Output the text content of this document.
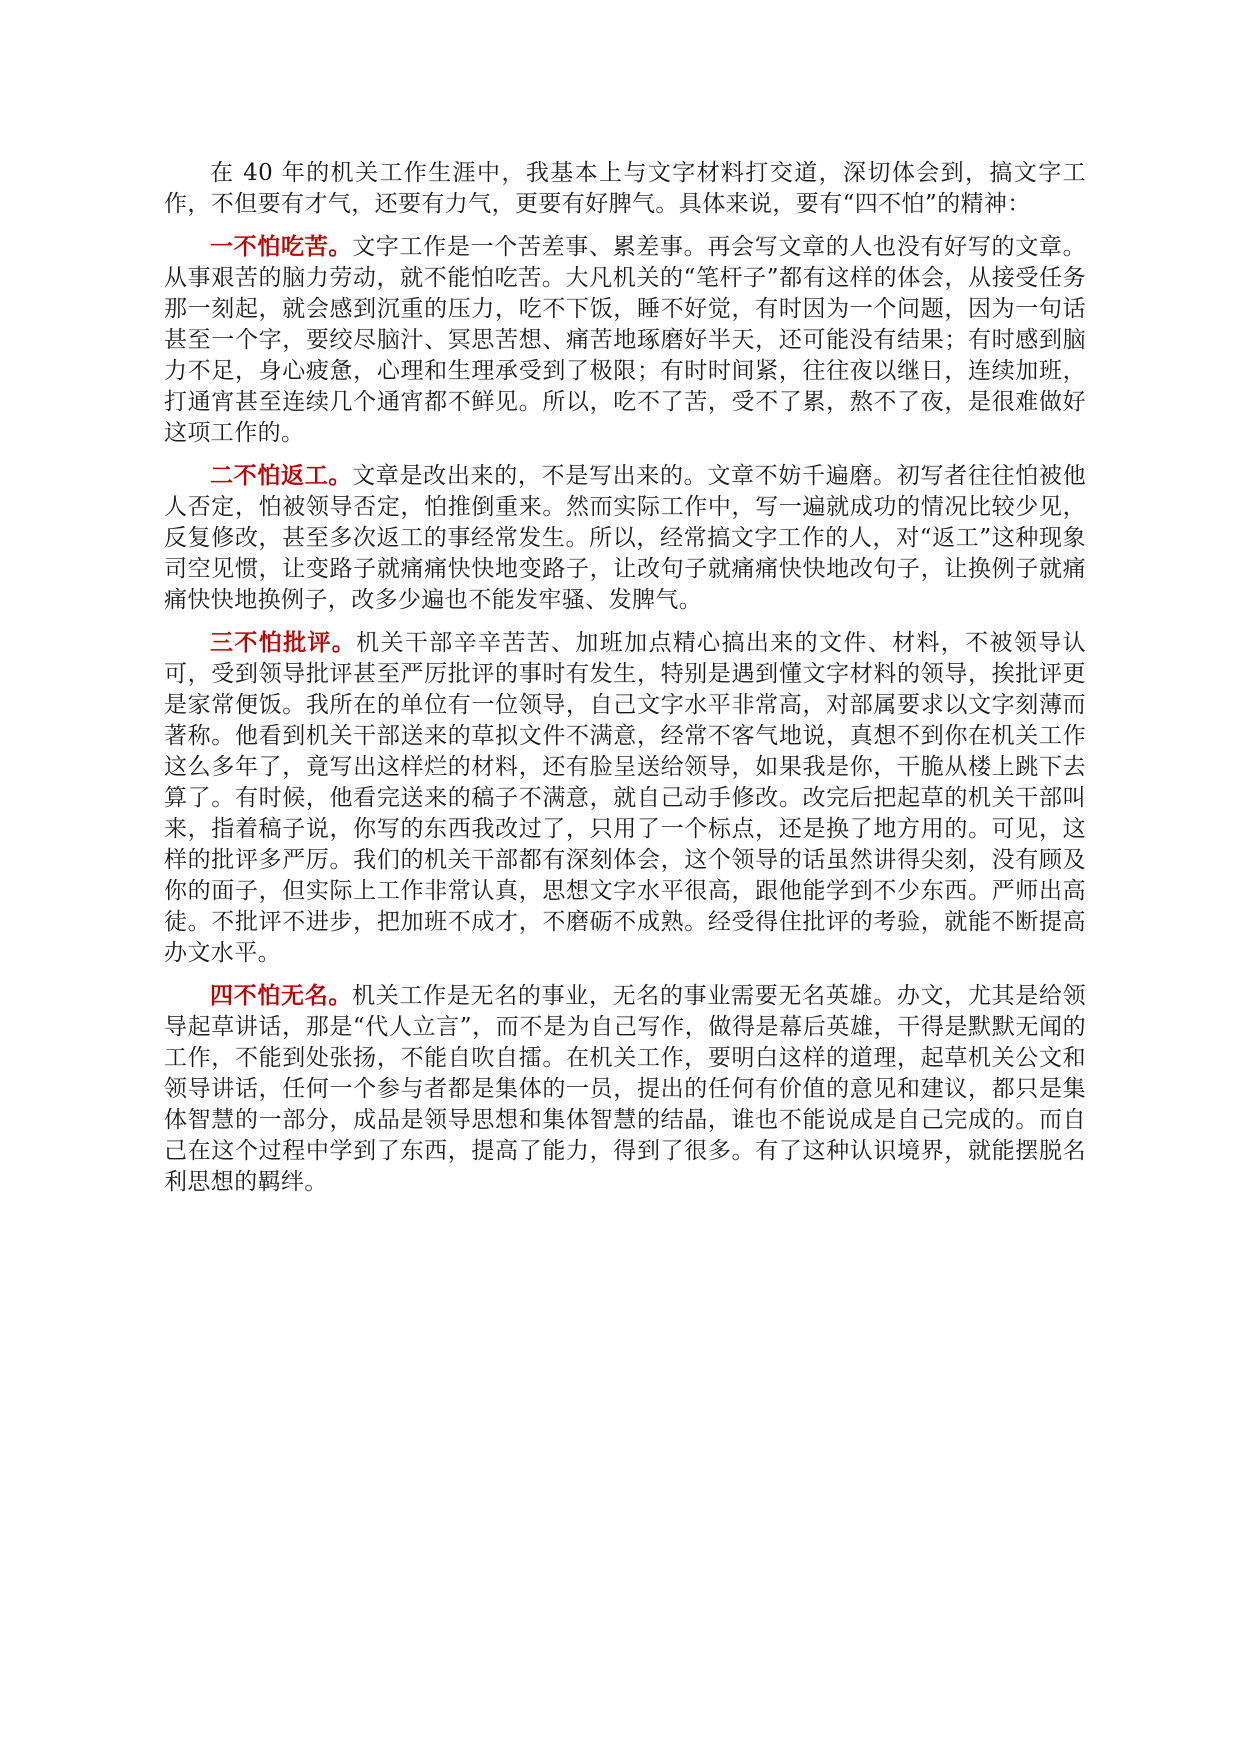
在 40 年的机关工作生涯中，我基本上与文字材料打交道，深切体会到，搞文字工作，不但要有才气，还要有力气，更要有好脾气。具体来说，要有“四不怕”的精神：

一不怕吃苦。文字工作是一个苦差事、累差事。再会写文章的人也没有好写的文章。从事艰苦的脑力劳动，就不能怕吃苦。大凡机关的“笔杆子”都有这样的体会，从接受任务那一刻起，就会感到沉重的压力，吃不下饭，睡不好觉，有时因为一个问题，因为一句话甚至一个字，要绞尽脑汁、冥思苦想、痛苦地琢磨好半天，还可能没有结果；有时感到脑力不足，身心疲惫，心理和生理承受到了极限；有时时间紧，往往夜以继日，连续加班，打通宵甚至连续几个通宵都不鲜见。所以，吃不了苦，受不了累，熬不了夜，是很难做好这项工作的。

二不怕返工。文章是改出来的，不是写出来的。文章不妨千遍磨。初写者往往怕被他人否定，怕被领导否定，怕推倒重来。然而实际工作中，写一遍就成功的情况比较少见，反复修改，甚至多次返工的事经常发生。所以，经常搞文字工作的人，对“返工”这种现象司空见惯，让变路子就痛痛快快地变路子，让改句子就痛痛快快地改句子，让换例子就痛痛快快地换例子，改多少遍也不能发牢骚、发脾气。

三不怕批评。机关干部辛辛苦苦、加班加点精心搞出来的文件、材料，不被领导认可，受到领导批评甚至严厉批评的事时有发生，特别是遇到懂文字材料的领导，挨批评更是家常便饭。我所在的单位有一位领导，自己文字水平非常高，对部属要求以文字刻薄而著称。他看到机关干部送来的草拟文件不满意，经常不客气地说，真想不到你在机关工作这么多年了，竟写出这样烂的材料，还有脸呈送给领导，如果我是你，干脆从楼上跳下去算了。有时候，他看完送来的稿子不满意，就自己动手修改。改完后把起草的机关干部叫来，指着稿子说，你写的东西我改过了，只用了一个标点，还是换了地方用的。可见，这样的批评多严厉。我们的机关干部都有深刻体会，这个领导的话虽然讲得尖刻，没有顾及你的面子，但实际上工作非常认真，思想文字水平很高，跟他能学到不少东西。严师出高徒。不批评不进步，把加班不成才，不磨砺不成熟。经受得住批评的考验，就能不断提高办文水平。

四不怕无名。机关工作是无名的事业，无名的事业需要无名英雄。办文，尤其是给领导起草讲话，那是“代人立言”，而不是为自己写作，做得是幕后英雄，干得是默默无闻的工作，不能到处张扬，不能自吹自擂。在机关工作，要明白这样的道理，起草机关公文和领导讲话，任何一个参与者都是集体的一员，提出的任何有价值的意见和建议，都只是集体智慧的一部分，成品是领导思想和集体智慧的结晶，谁也不能说成是自己完成的。而自己在这个过程中学到了东西，提高了能力，得到了很多。有了这种认识境界，就能摆脱名利思想的羁绊。
